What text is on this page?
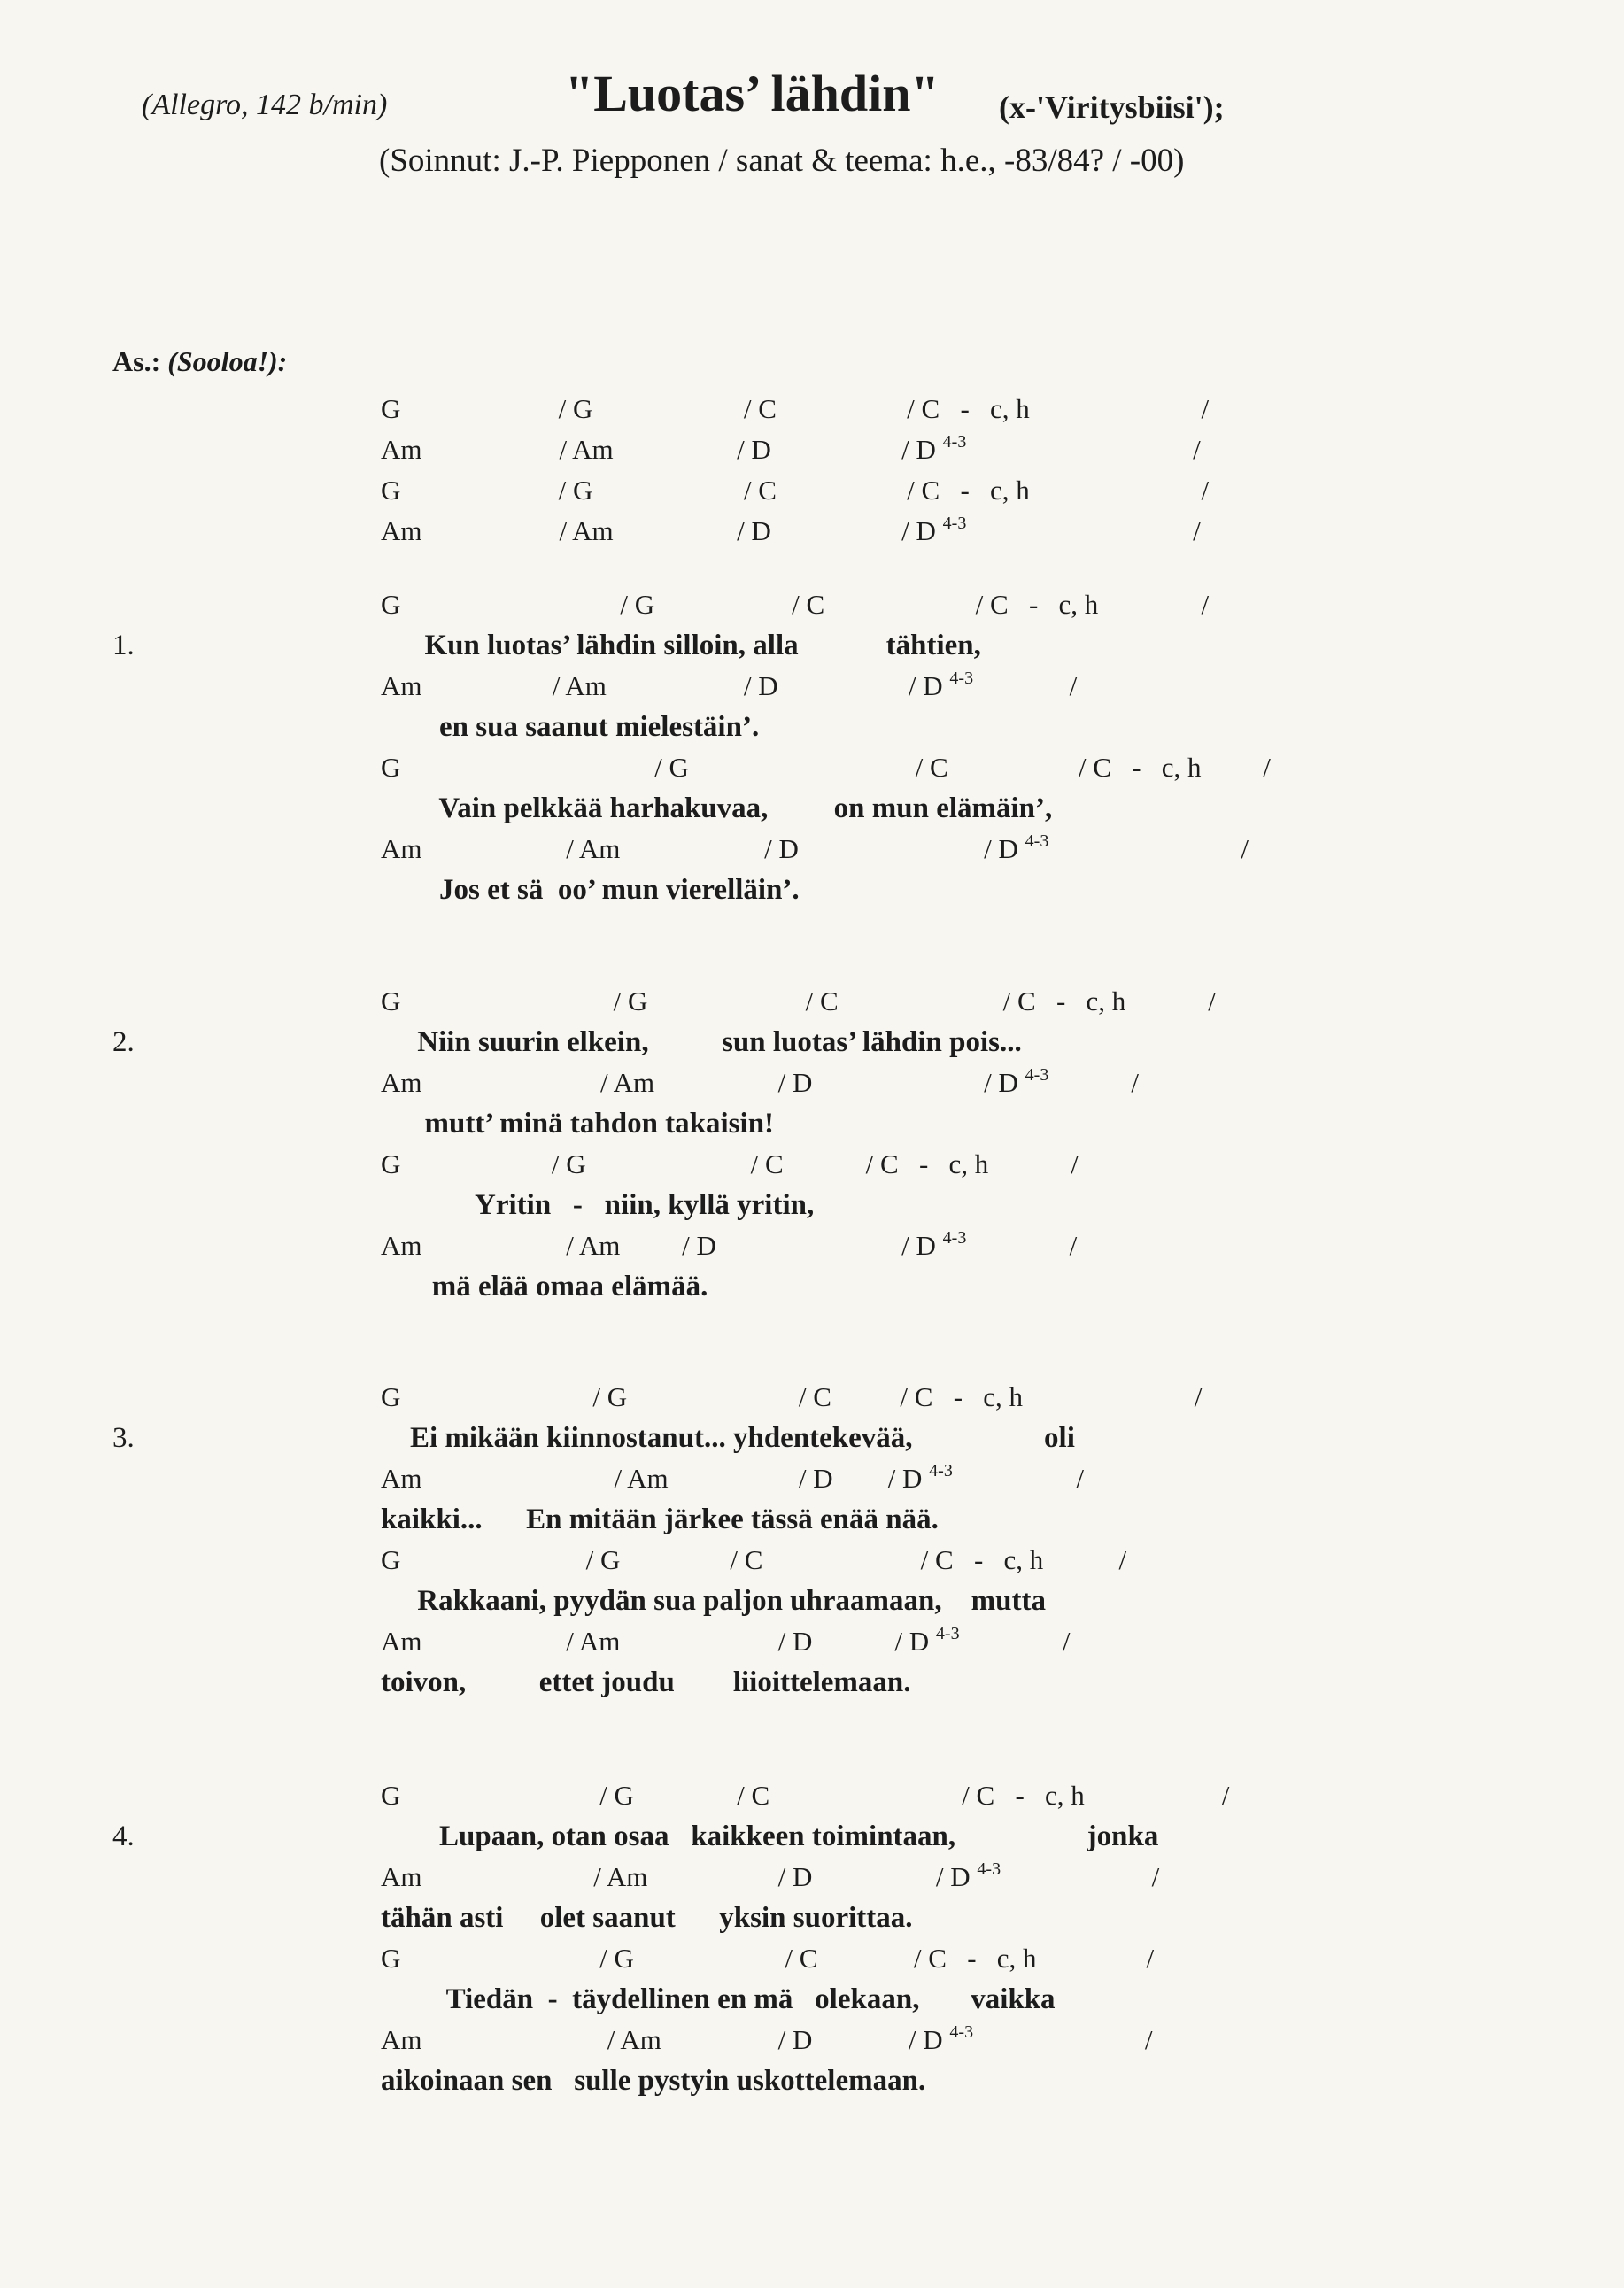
(Allegro, 142 b/min)	"Luotas’ lähdin" (x-'Viritysbiisi');
(Soinnut: J.-P. Piepponen / sanat & teema: h.e., -83/84? / -00)

As.: (Sooloa!):

G                       / G                      / C                   / C   -   c, h                         /
Am                    / Am                  / D                   / D $^{4-3}$                                 /
G                       / G                      / C                   / C   -   c, h                         /
Am                    / Am                  / D                   / D $^{4-3}$                                 /
G                                / G                    / C                      / C   -   c, h               /
1.	Kun luotas’ lähdin silloin, alla            tähtien,
Am                   / Am                    / D                   / D $^{4-3}$              /
en sua saanut mielestäin’.
G                                     / G                                 / C                   / C   -   c, h         /
Vain pelkkää harhakuvaa,         on mun elämäin’,
Am                     / Am                     / D                           / D $^{4-3}$                            /
Jos et sä  oo’ mun vierelläin’.
G                               / G                       / C                        / C   -   c, h            /
2.	Niin suurin elkein,          sun luotas’ lähdin pois...
Am                          / Am                  / D                         / D $^{4-3}$            /
mutt’ minä tahdon takaisin!
G                      / G                        / C            / C   -   c, h            /
Yritin   -   niin, kyllä yritin,
Am                     / Am         / D                           / D $^{4-3}$               /
mä elää omaa elämää.
G                            / G                         / C          / C   -   c, h                         /
3.	Ei mikään kiinnostanut... yhdentekevää,                  oli
Am                            / Am                   / D        / D $^{4-3}$                  /
kaikki...      En mitään järkee tässä enää nää.
G                           / G                / C                       / C   -   c, h           /
Rakkaani, pyydän sua paljon uhraamaan,    mutta
Am                     / Am                       / D            / D $^{4-3}$               /
toivon,          ettet joudu        liioittelemaan.
G                             / G               / C                            / C   -   c, h                    /
4.	Lupaan, otan osaa   kaikkeen toimintaan,                  jonka
Am                         / Am                   / D                  / D $^{4-3}$                      /
tähän asti     olet saanut      yksin suorittaa.
G                             / G                      / C              / C   -   c, h                /
Tiedän  -  täydellinen en mä   olekaan,       vaikka
Am                           / Am                 / D              / D $^{4-3}$                         /
aikoinaan sen   sulle pystyin uskottelemaan.
